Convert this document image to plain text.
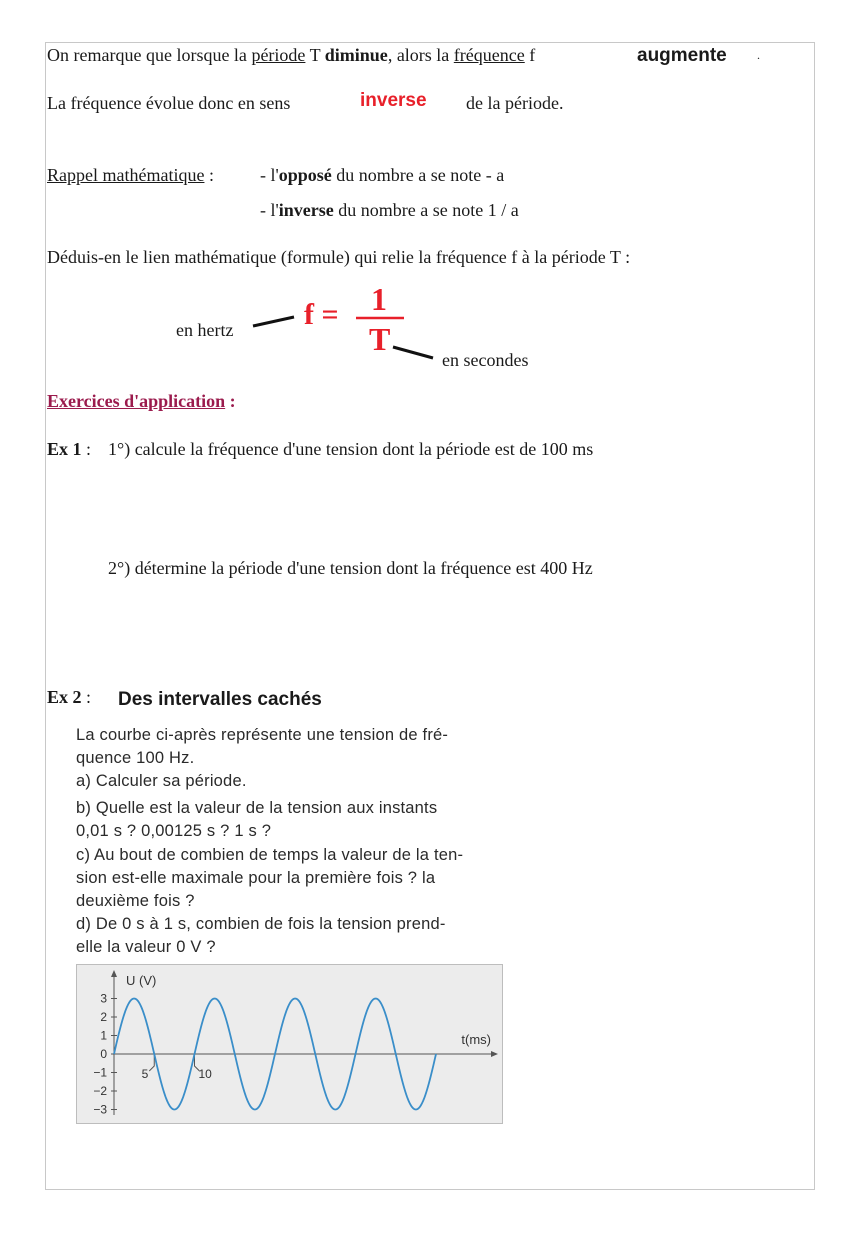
On remarque que lorsque la période T diminue, alors la fréquence f	augmente	.
La fréquence évolue donc en sens	inverse de la période.
Rappel mathématique :	- l'opposé du nombre a se note - a
- l'inverse du nombre a se note 1 / a
Déduis-en le lien mathématique (formule) qui relie la fréquence f à la période T :
en hertz f = 1
T
en secondes
Exercices d'application :
Ex 1 : 1°) calcule la fréquence d'une tension dont la période est de 100 ms
2°) détermine la période d'une tension dont la fréquence est 400 Hz
Ex 2 : Des intervalles cachés
La courbe ci-après représente une tension de fré-
quence 100 Hz.
a) Calculer sa période.
b) Quelle est la valeur de la tension aux instants
0,01 s ? 0,00125 s ? 1 s ?
c) Au bout de combien de temps la valeur de la ten-
sion est-elle maximale pour la première fois ? la
deuxième fois ?
d) De 0 s à 1 s, combien de fois la tension prend-
elle la valeur 0 V ?
3
2
1
0
−1
−2
−3
U (V)
t(ms)
5	10
